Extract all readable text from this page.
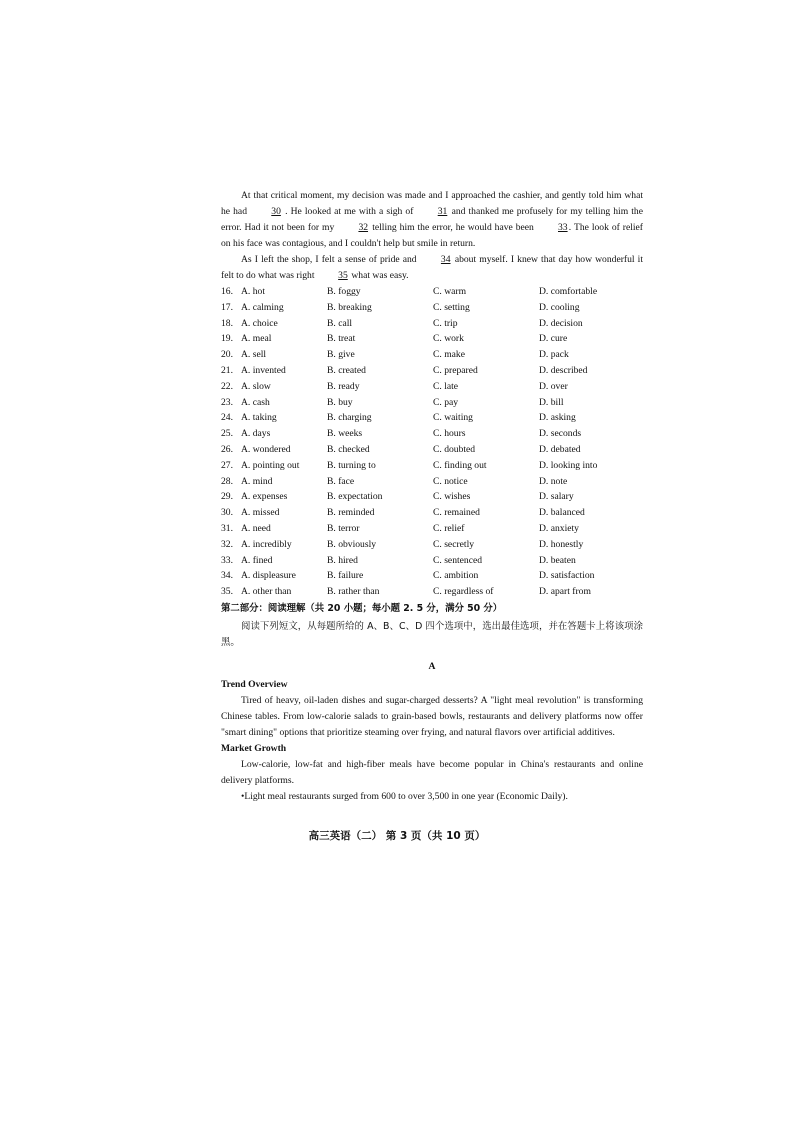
At that critical moment, my decision was made and I approached the cashier, and gently told him what he had	30 . He looked at me with a sigh of	31 and thanked me profusely for my telling him the error. Had it not been for my	32 telling him the error, he would have been	33. The look of relief on his face was contagious, and I couldn't help but smile in return.

As I left the shop, I felt a sense of pride and	34 about myself. I knew that day how wonderful it felt to do what was right 35 what was easy.

16. A. hot	B. foggy	C. warm	D. comfortable
17. A. calming	B. breaking	C. setting	D. cooling
18. A. choice	B. call	C. trip	D. decision
19. A. meal	B. treat	C. work	D. cure
20. A. sell	B. give	C. make	D. pack
21. A. invented	B. created	C. prepared	D. described
22. A. slow	B. ready	C. late	D. over
23. A. cash	B. buy	C. pay	D. bill
24. A. taking	B. charging	C. waiting	D. asking
25. A. days	B. weeks	C. hours	D. seconds
26. A. wondered	B. checked	C. doubted	D. debated
27. A. pointing out	B. turning to	C. finding out	D. looking into
28. A. mind	B. face	C. notice	D. note
29. A. expenses	B. expectation	C. wishes	D. salary
30. A. missed	B. reminded	C. remained	D. balanced
31. A. need	B. terror	C. relief	D. anxiety
32. A. incredibly	B. obviously	C. secretly	D. honestly
33. A. fined	B. hired	C. sentenced	D. beaten
34. A. displeasure	B. failure	C. ambition	D. satisfaction
35. A. other than	B. rather than	C. regardless of	D. apart from

第二部分：阅读理解（共 20 小题；每小题 2. 5 分，满分 50 分）

阅读下列短文，从每题所给的 A、B、C、D 四个选项中，选出最佳选项，并在答题卡上将该项涂黑。

A

Trend Overview

Tired of heavy, oil-laden dishes and sugar-charged desserts? A "light meal revolution" is transforming Chinese tables. From low-calorie salads to grain-based bowls, restaurants and delivery platforms now offer "smart dining" options that prioritize steaming over frying, and natural flavors over artificial additives.

Market Growth

Low-calorie, low-fat and high-fiber meals have become popular in China's restaurants and online delivery platforms.

•Light meal restaurants surged from 600 to over 3,500 in one year (Economic Daily).

高三英语（二） 第 3 页（共 10 页）
